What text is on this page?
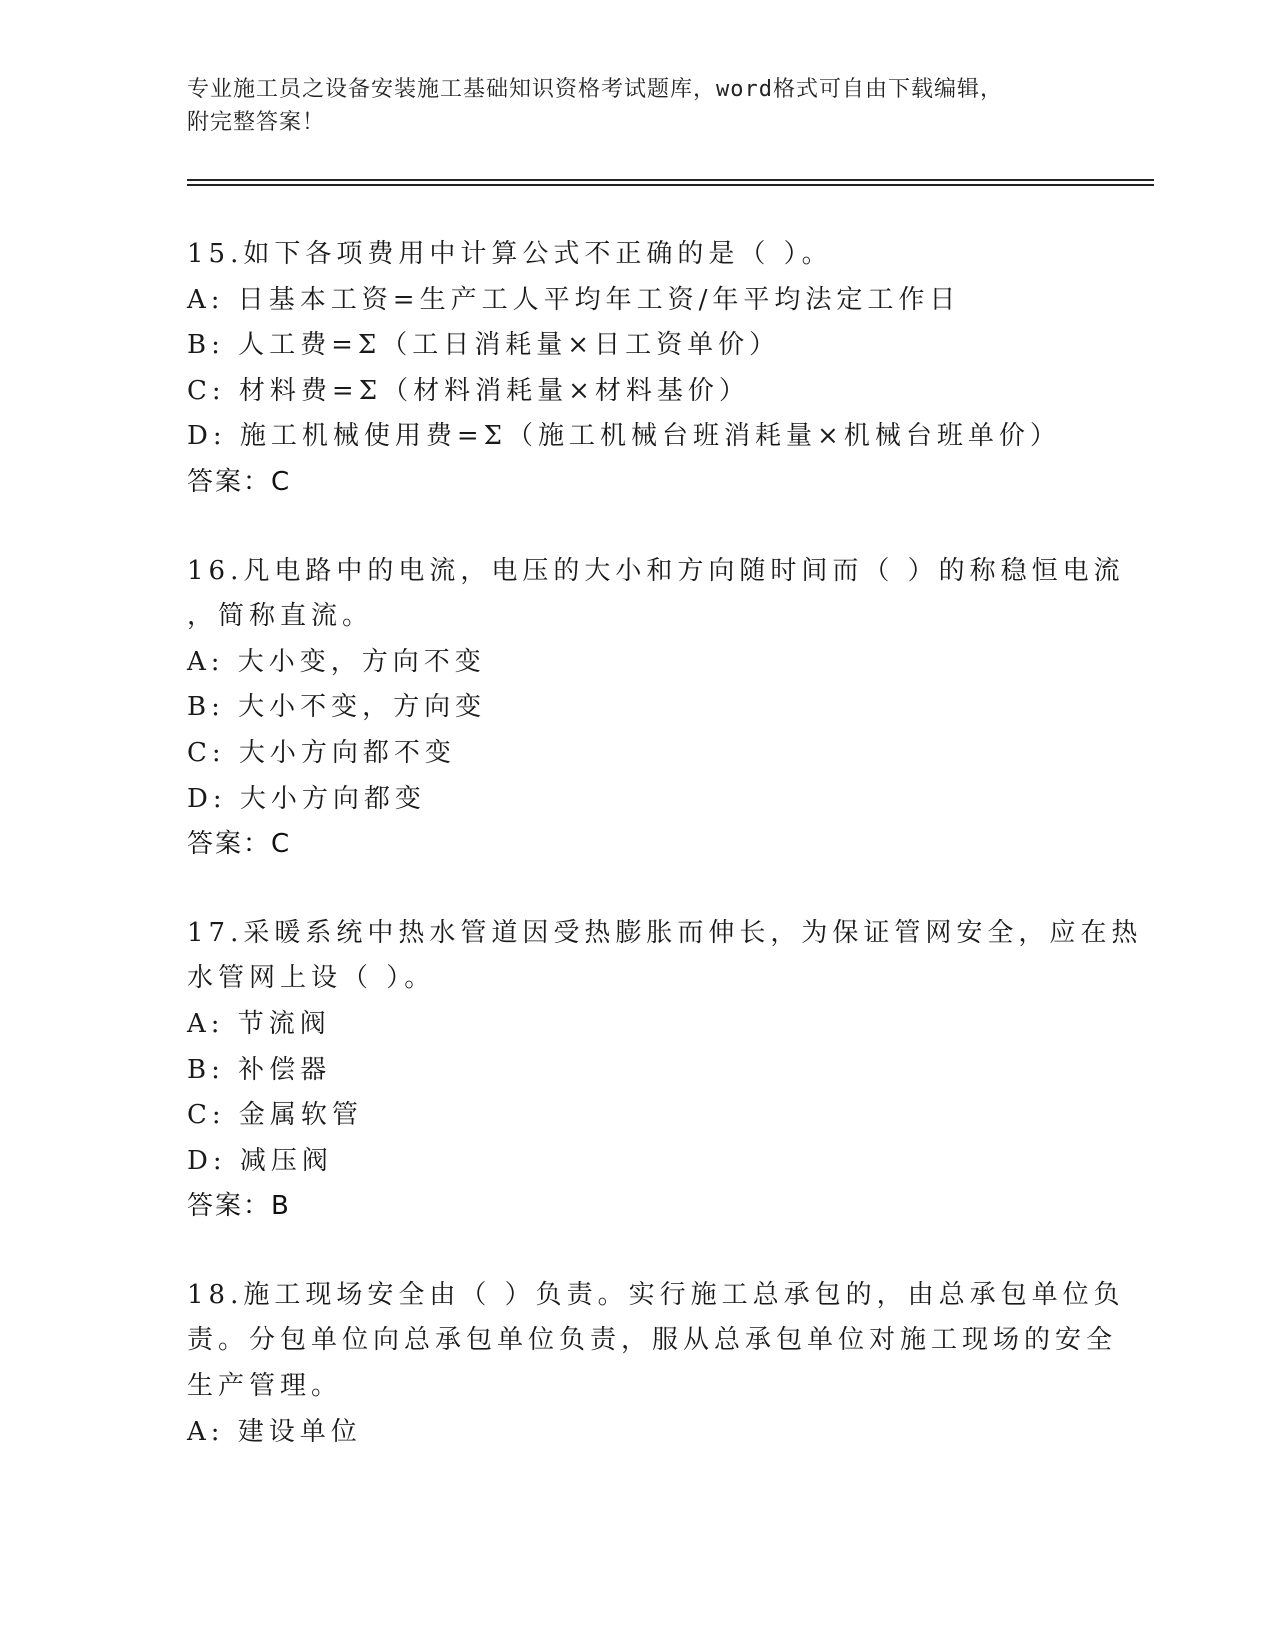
专业施工员之设备安装施工基础知识资格考试题库，word格式可自由下载编辑，
附完整答案！
15.如下各项费用中计算公式不正确的是（ ）。
A: 日基本工资=生产工人平均年工资/年平均法定工作日
B: 人工费=Σ（工日消耗量×日工资单价）
C: 材料费=Σ（材料消耗量×材料基价）
D: 施工机械使用费=Σ（施工机械台班消耗量×机械台班单价）
答案：C
16.凡电路中的电流，电压的大小和方向随时间而（ ）的称稳恒电流
，简称直流。
A: 大小变，方向不变
B: 大小不变，方向变
C: 大小方向都不变
D: 大小方向都变
答案：C
17.采暖系统中热水管道因受热膨胀而伸长，为保证管网安全，应在热
水管网上设（ ）。
A: 节流阀
B: 补偿器
C: 金属软管
D: 减压阀
答案：B
18.施工现场安全由（ ）负责。实行施工总承包的，由总承包单位负
责。分包单位向总承包单位负责，服从总承包单位对施工现场的安全
生产管理。
A: 建设单位
